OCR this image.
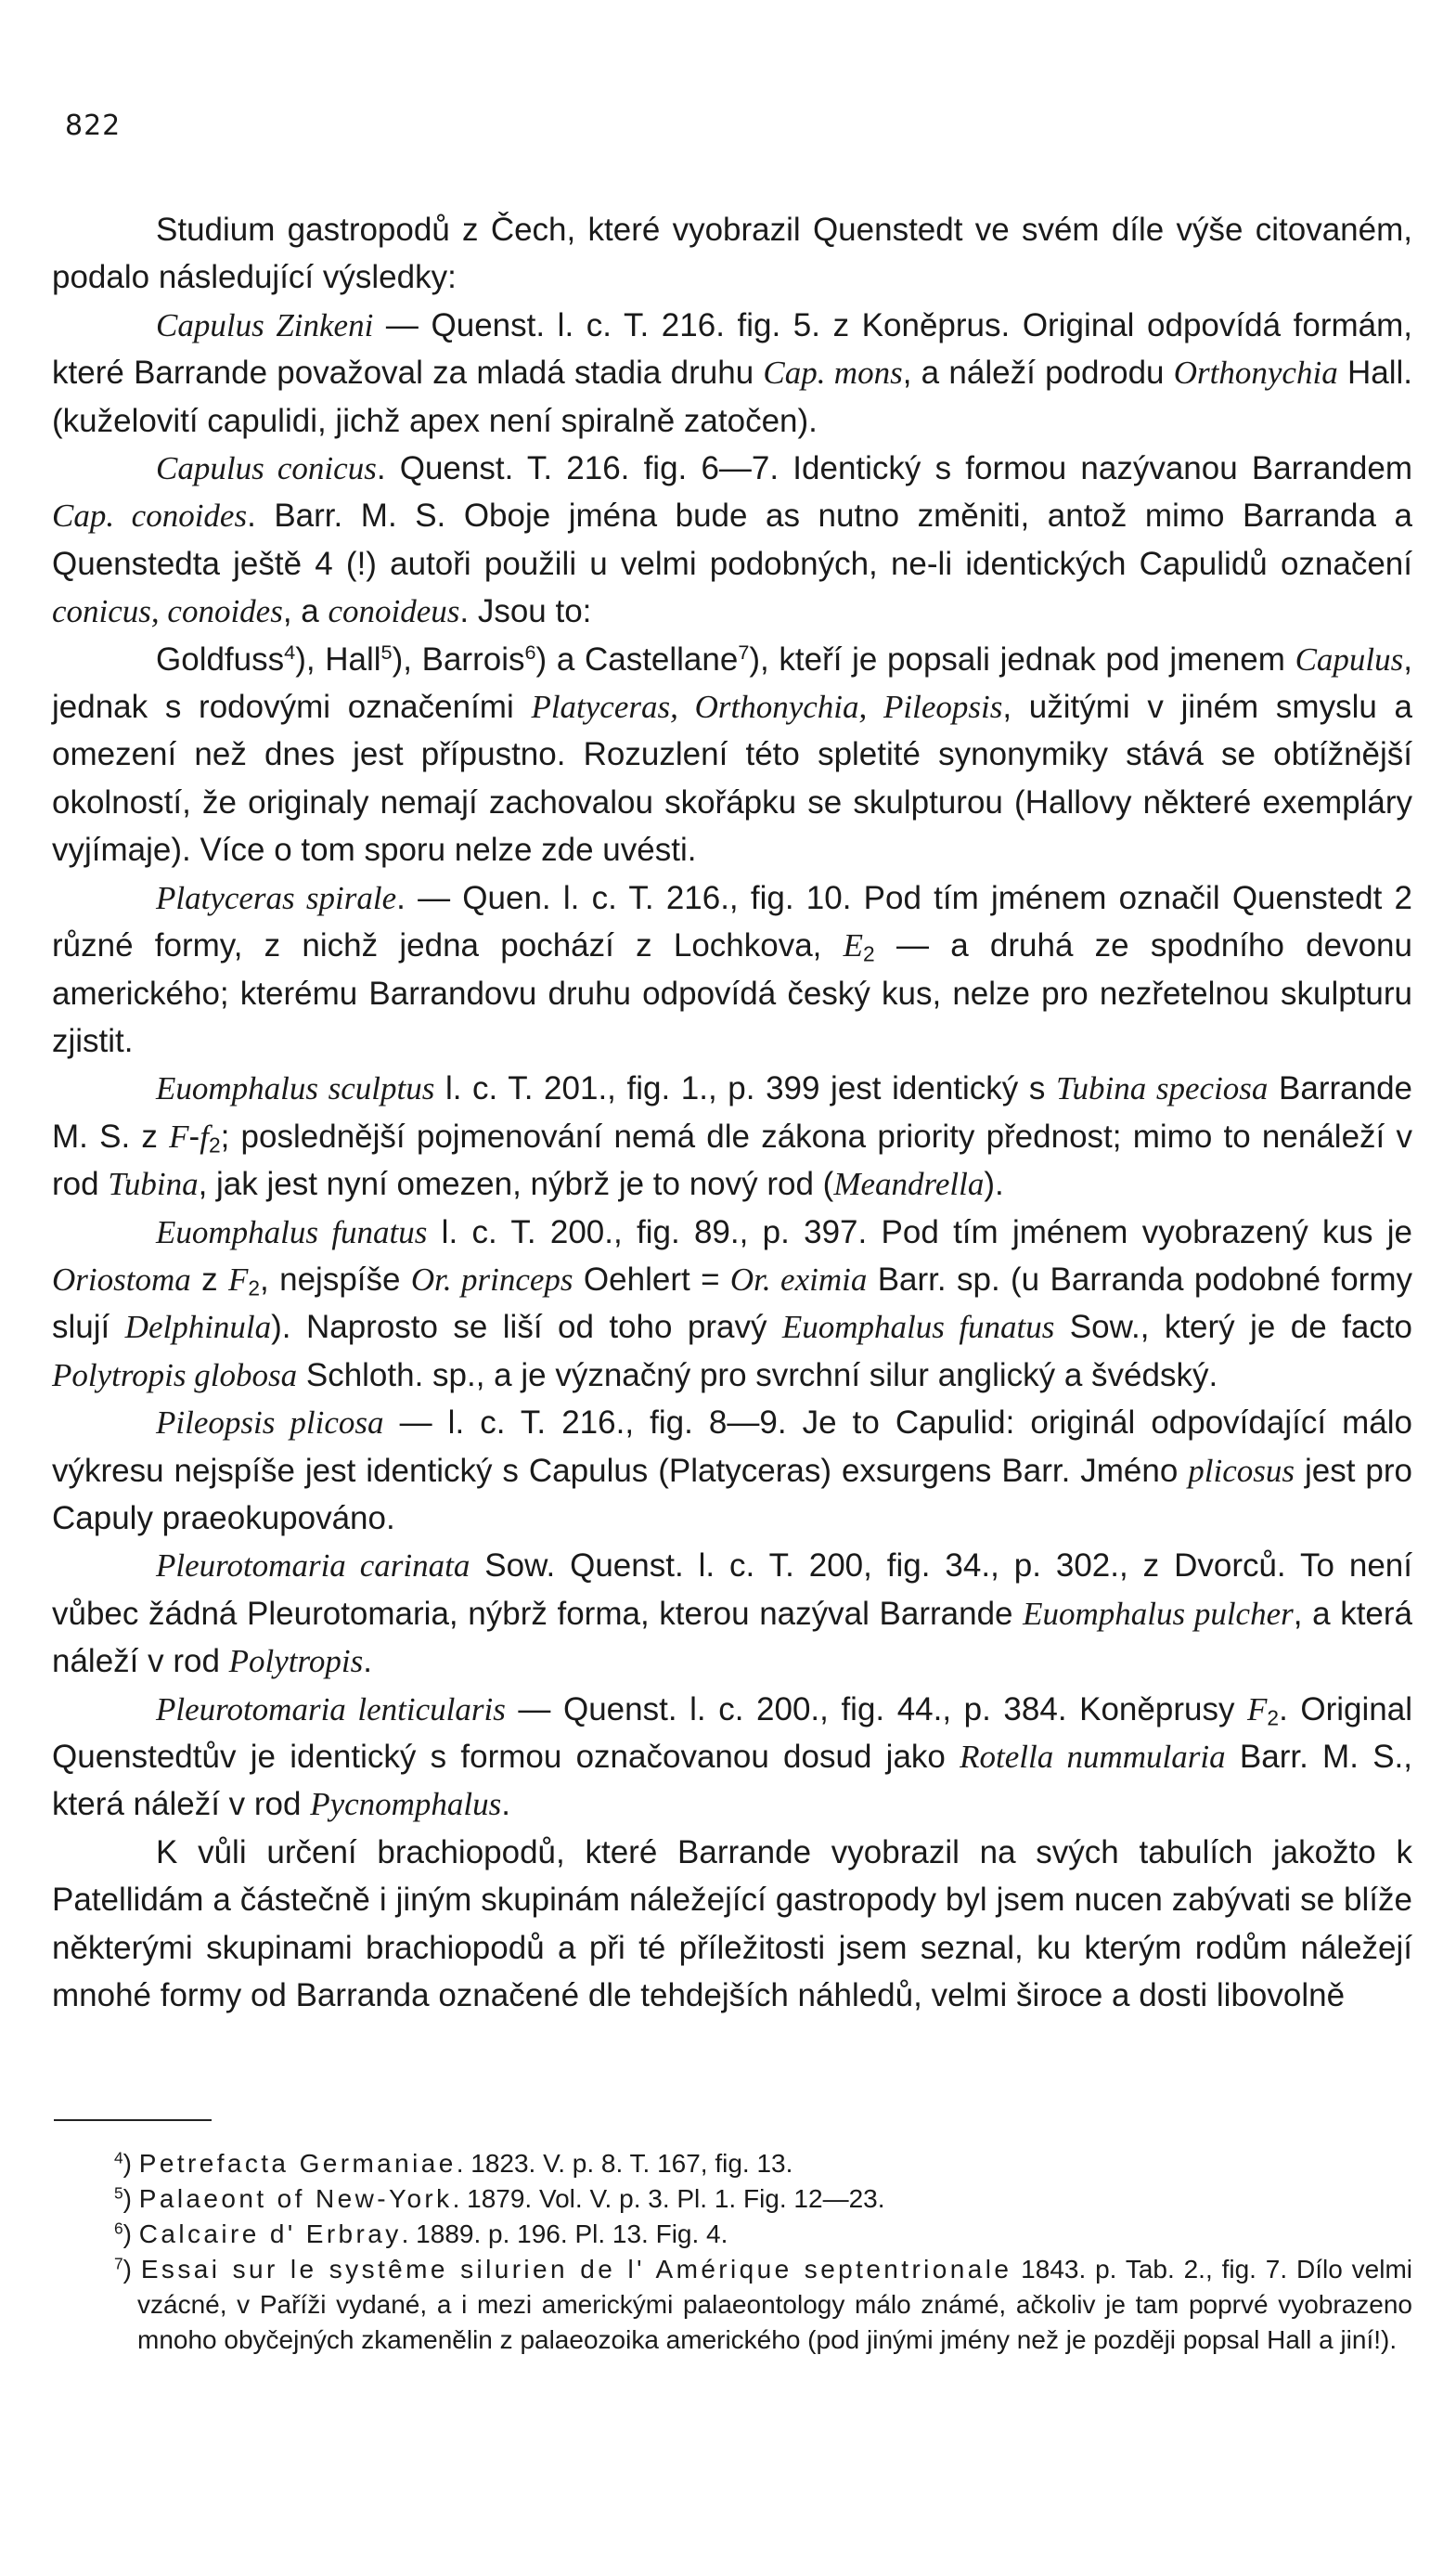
822

Studium gastropodů z Čech, které vyobrazil Quenstedt ve svém díle výše citovaném, podalo následující výsledky:

Capulus Zinkeni — Quenst. l. c. T. 216. fig. 5. z Koněprus. Original odpovídá formám, které Barrande považoval za mladá stadia druhu Cap. mons, a náleží podrodu Orthonychia Hall. (kuželovití capulidi, jichž apex není spiralně zatočen).

Capulus conicus. Quenst. T. 216. fig. 6—7. Identický s formou nazývanou Barrandem Cap. conoides. Barr. M. S. Oboje jména bude as nutno změniti, antož mimo Barranda a Quenstedta ještě 4 (!) autoři použili u velmi podobných, ne-li identických Capulidů označení conicus, conoides, a conoideus. Jsou to:

Goldfuss$^4$), Hall$^5$), Barrois$^6$) a Castellane$^7$), kteří je popsali jednak pod jmenem Capulus, jednak s rodovými označeními Platyceras, Orthonychia, Pileopsis, užitými v jiném smyslu a omezení než dnes jest přípustno. Rozuzlení této spletité synonymiky stává se obtížnější okolností, že originaly nemají zachovalou skořápku se skulpturou (Hallovy některé exempláry vyjímaje). Více o tom sporu nelze zde uvésti.

Platyceras spirale. — Quen. l. c. T. 216., fig. 10. Pod tím jménem označil Quenstedt 2 různé formy, z nichž jedna pochází z Lochkova, $E_2$ — a druhá ze spodního devonu amerického; kterému Barrandovu druhu odpovídá český kus, nelze pro nezřetelnou skulpturu zjistit.

Euomphalus sculptus l. c. T. 201., fig. 1., p. 399 jest identický s Tubina speciosa Barrande M. S. z $F-f_2$; poslednější pojmenování nemá dle zákona priority přednost; mimo to nenáleží v rod Tubina, jak jest nyní omezen, nýbrž je to nový rod (Meandrella).

Euomphalus funatus l. c. T. 200., fig. 89., p. 397. Pod tím jménem vyobrazený kus je Oriostoma z $F_2$, nejspíše Or. princeps Oehlert = Or. eximia Barr. sp. (u Barranda podobné formy slují Delphinula). Naprosto se liší od toho pravý Euomphalus funatus Sow., který je de facto Polytropis globosa Schloth. sp., a je význačný pro svrchní silur anglický a švédský.

Pileopsis plicosa — l. c. T. 216., fig. 8—9. Je to Capulid: originál odpovídající málo výkresu nejspíše jest identický s Capulus (Platyceras) exsurgens Barr. Jméno plicosus jest pro Capuly praeokupováno.

Pleurotomaria carinata Sow. Quenst. l. c. T. 200, fig. 34., p. 302., z Dvorců. To není vůbec žádná Pleurotomaria, nýbrž forma, kterou nazýval Barrande Euomphalus pulcher, a která náleží v rod Polytropis.

Pleurotomaria lenticularis — Quenst. l. c. 200., fig. 44., p. 384. Koněprusy $F_2$. Original Quenstedtův je identický s formou označovanou dosud jako Rotella nummularia Barr. M. S., která náleží v rod Pycnomphalus.

K vůli určení brachiopodů, které Barrande vyobrazil na svých tabulích jakožto k Patellidám a částečně i jiným skupinám náležející gastropody byl jsem nucen zabývati se blíže některými skupinami brachiopodů a při té příležitosti jsem seznal, ku kterým rodům náležejí mnohé formy od Barranda označené dle tehdejších náhledů, velmi široce a dosti libovolně

$^4$) Petrefacta Germaniae. 1823. V. p. 8. T. 167, fig. 13.

$^5$) Palaeont of New-York. 1879. Vol. V. p. 3. Pl. 1. Fig. 12—23.

$^6$) Calcaire d' Erbray. 1889. p. 196. Pl. 13. Fig. 4.

$^7$) Essai sur le systême silurien de l' Amérique septentrionale 1843. p. Tab. 2., fig. 7. Dílo velmi vzácné, v Paříži vydané, a i mezi americkými palaeontology málo známé, ačkoliv je tam poprvé vyobrazeno mnoho obyčejných zkamenělin z palaeozoika amerického (pod jinými jmény než je později popsal Hall a jiní!).
